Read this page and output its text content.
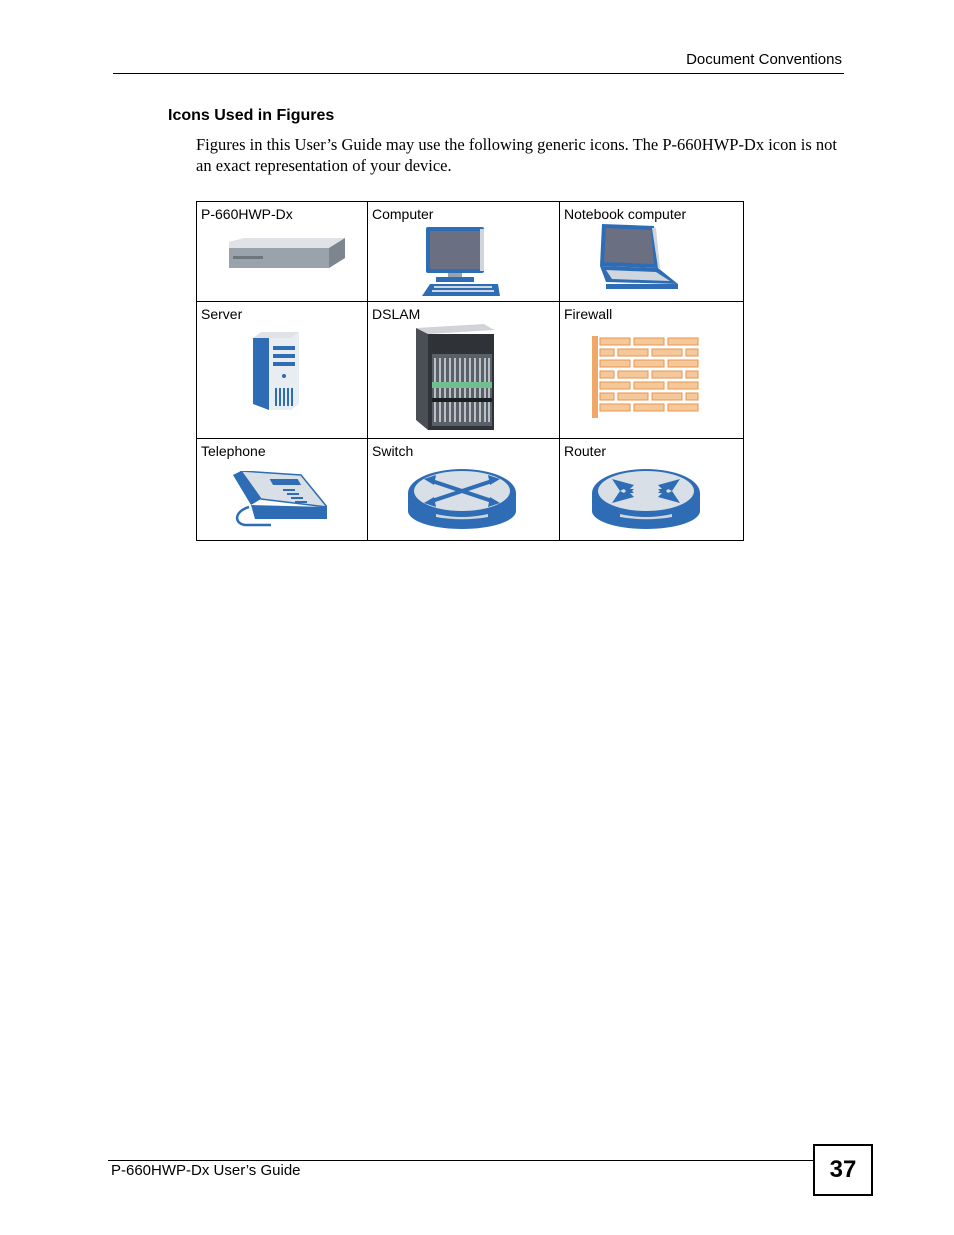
Document Conventions
Icons Used in Figures
Figures in this User’s Guide may use the following generic icons. The P-660HWP-Dx icon is not an exact representation of your device.
P-660HWP-Dx	Computer	Notebook computer

Server	DSLAM	Firewall

Telephone	Switch	Router
P-660HWP-Dx User’s Guide	37
